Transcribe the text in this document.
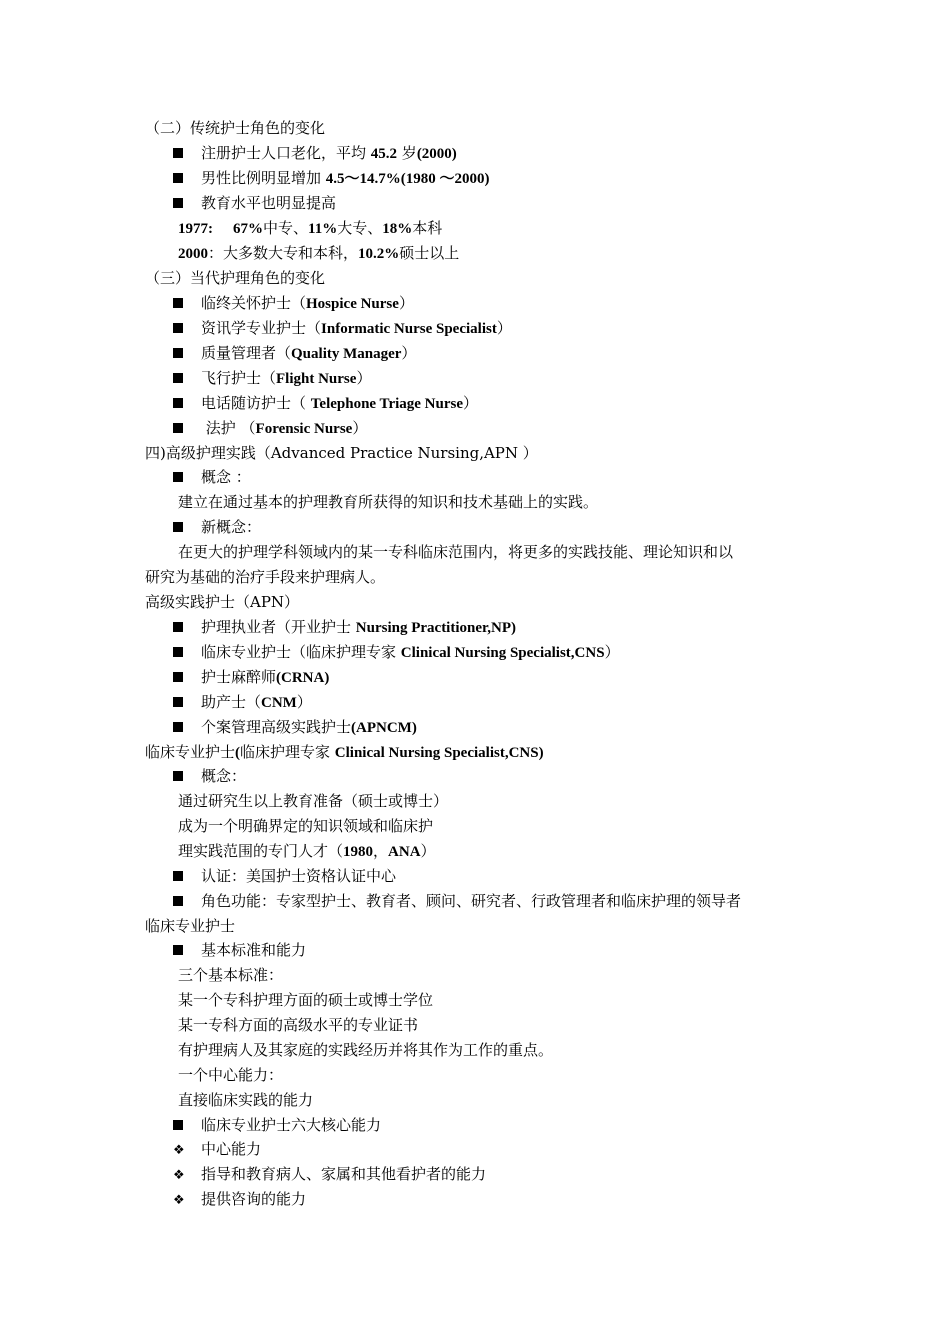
（二）传统护士角色的变化
注册护士人口老化，平均 45.2 岁(2000)
男性比例明显增加 4.5～14.7%(1980 ～2000)
教育水平也明显提高
1977: 67%中专、11%大专、18%本科
2000：大多数大专和本科，10.2%硕士以上
（三）当代护理角色的变化
临终关怀护士（Hospice Nurse）
资讯学专业护士（Informatic Nurse Specialist）
质量管理者（Quality Manager）
飞行护士（Flight Nurse）
电话随访护士（ Telephone Triage Nurse）
法护 （Forensic Nurse）
四)高级护理实践（Advanced Practice Nursing,APN ）
概念 ：
建立在通过基本的护理教育所获得的知识和技术基础上的实践。
新概念：
在更大的护理学科领域内的某一专科临床范围内，将更多的实践技能、理论知识和以
研究为基础的治疗手段来护理病人。
高级实践护士（APN）
护理执业者（开业护士 Nursing Practitioner,NP)
临床专业护士（临床护理专家 Clinical Nursing Specialist,CNS）
护士麻醉师(CRNA)
助产士（CNM）
个案管理高级实践护士(APNCM)
临床专业护士(临床护理专家 Clinical Nursing Specialist,CNS)
概念：
通过研究生以上教育准备（硕士或博士）
成为一个明确界定的知识领域和临床护
理实践范围的专门人才（1980，ANA）
认证：美国护士资格认证中心
角色功能：专家型护士、教育者、顾问、研究者、行政管理者和临床护理的领导者
临床专业护士
基本标准和能力
三个基本标准：
某一个专科护理方面的硕士或博士学位
某一专科方面的高级水平的专业证书
有护理病人及其家庭的实践经历并将其作为工作的重点。
一个中心能力：
直接临床实践的能力
临床专业护士六大核心能力
❖ 中心能力
❖ 指导和教育病人、家属和其他看护者的能力
❖ 提供咨询的能力
